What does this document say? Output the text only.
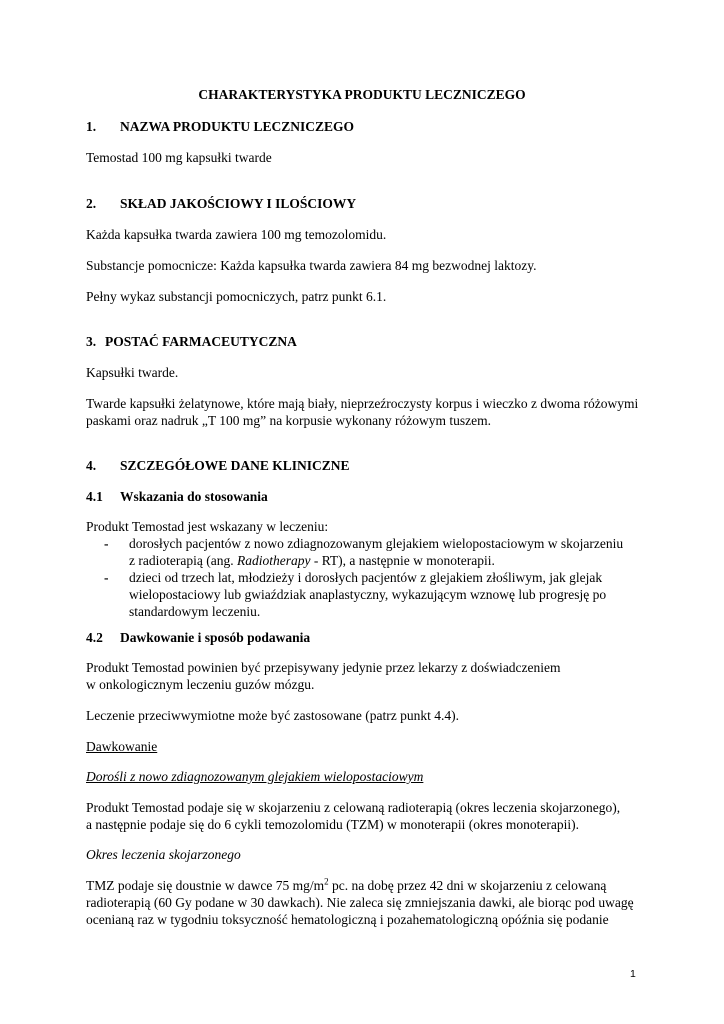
CHARAKTERYSTYKA PRODUKTU LECZNICZEGO
1. NAZWA PRODUKTU LECZNICZEGO
Temostad 100 mg kapsułki twarde
2. SKŁAD JAKOŚCIOWY I ILOŚCIOWY
Każda kapsułka twarda zawiera 100 mg temozolomidu.
Substancje pomocnicze: Każda kapsułka twarda zawiera 84 mg bezwodnej laktozy.
Pełny wykaz substancji pomocniczych, patrz punkt 6.1.
3. POSTAĆ FARMACEUTYCZNA
Kapsułki twarde.
Twarde kapsułki żelatynowe, które mają biały, nieprzeźroczysty korpus i wieczko z dwoma różowymi
paskami oraz nadruk „T 100 mg” na korpusie wykonany różowym tuszem.
4. SZCZEGÓŁOWE DANE KLINICZNE
4.1 Wskazania do stosowania
Produkt Temostad jest wskazany w leczeniu:
- dorosłych pacjentów z nowo zdiagnozowanym glejakiem wielopostaciowym w skojarzeniu
z radioterapią (ang. Radiotherapy - RT), a następnie w monoterapii.
- dzieci od trzech lat, młodzieży i dorosłych pacjentów z glejakiem złośliwym, jak glejak
wielopostaciowy lub gwiaździak anaplastyczny, wykazującym wznowę lub progresję po
standardowym leczeniu.
4.2 Dawkowanie i sposób podawania
Produkt Temostad powinien być przepisywany jedynie przez lekarzy z doświadczeniem
w onkologicznym leczeniu guzów mózgu.
Leczenie przeciwwymiotne może być zastosowane (patrz punkt 4.4).
Dawkowanie
Dorośli z nowo zdiagnozowanym glejakiem wielopostaciowym
Produkt Temostad podaje się w skojarzeniu z celowaną radioterapią (okres leczenia skojarzonego),
a następnie podaje się do 6 cykli temozolomidu (TZM) w monoterapii (okres monoterapii).
Okres leczenia skojarzonego
TMZ podaje się doustnie w dawce 75 $mg/m^2$ pc. na dobę przez 42 dni w skojarzeniu z celowaną
radioterapią (60 Gy podane w 30 dawkach). Nie zaleca się zmniejszania dawki, ale biorąc pod uwagę
ocenianą raz w tygodniu toksyczność hematologiczną i pozahematologiczną opóźnia się podanie
1
